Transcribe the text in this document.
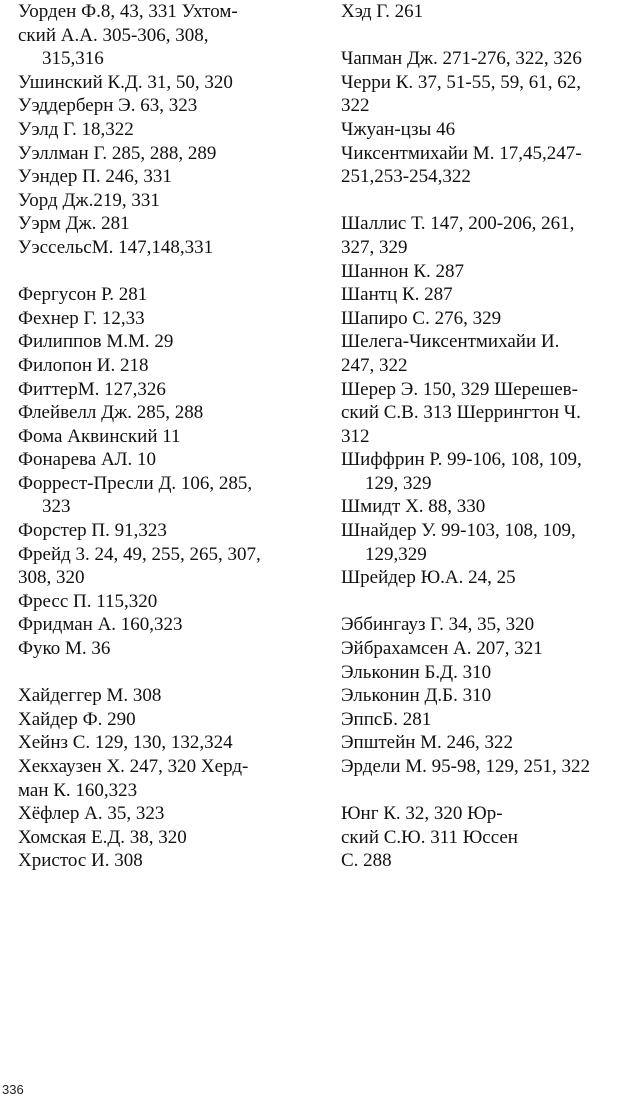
Уорден Ф.8, 43, 331 Ухтом-
ский А.А. 305-306, 308,
315,316
Ушинский К.Д. 31, 50, 320
Уэддерберн Э. 63, 323
Уэлд Г. 18,322
Уэллман Г. 285, 288, 289
Уэндер П. 246, 331
Уорд Дж.219, 331
Уэрм Дж. 281
УэссельсМ. 147,148,331
Фергусон Р. 281
Фехнер Г. 12,33
Филиппов М.М. 29
Филопон И. 218
ФиттерМ. 127,326
Флейвелл Дж. 285, 288
Фома Аквинский 11
Фонарева АЛ. 10
Форрест-Пресли Д. 106, 285,
323
Форстер П. 91,323
Фрейд 3. 24, 49, 255, 265, 307,
308, 320
Фресс П. 115,320
Фридман А. 160,323
Фуко М. 36
Хайдеггер М. 308
Хайдер Ф. 290
Хейнз С. 129, 130, 132,324
Хекхаузен X. 247, 320 Херд-
ман К. 160,323
Хёфлер А. 35, 323
Хомская Е.Д. 38, 320
Христос И. 308
Хэд Г. 261
Чапман Дж. 271-276, 322, 326
Черри К. 37, 51-55, 59, 61, 62,
322
Чжуан-цзы 46
Чиксентмихайи М. 17,45,247-
251,253-254,322
Шаллис Т. 147, 200-206, 261,
327, 329
Шаннон К. 287
Шантц К. 287
Шапиро С. 276, 329
Шелега-Чиксентмихайи И.
247, 322
Шерер Э. 150, 329 Шерешев-
ский С.В. 313 Шеррингтон Ч.
312
Шиффрин Р. 99-106, 108, 109,
129, 329
Шмидт X. 88, 330
Шнайдер У. 99-103, 108, 109,
129,329
Шрейдер Ю.А. 24, 25
Эббингауз Г. 34, 35, 320
Эйбрахамсен А. 207, 321
Эльконин Б.Д. 310
Эльконин Д.Б. 310
ЭппсБ. 281
Эпштейн М. 246, 322
Эрдели М. 95-98, 129, 251, 322
Юнг К. 32, 320 Юр-
ский С.Ю. 311 Юссен
С. 288
336
